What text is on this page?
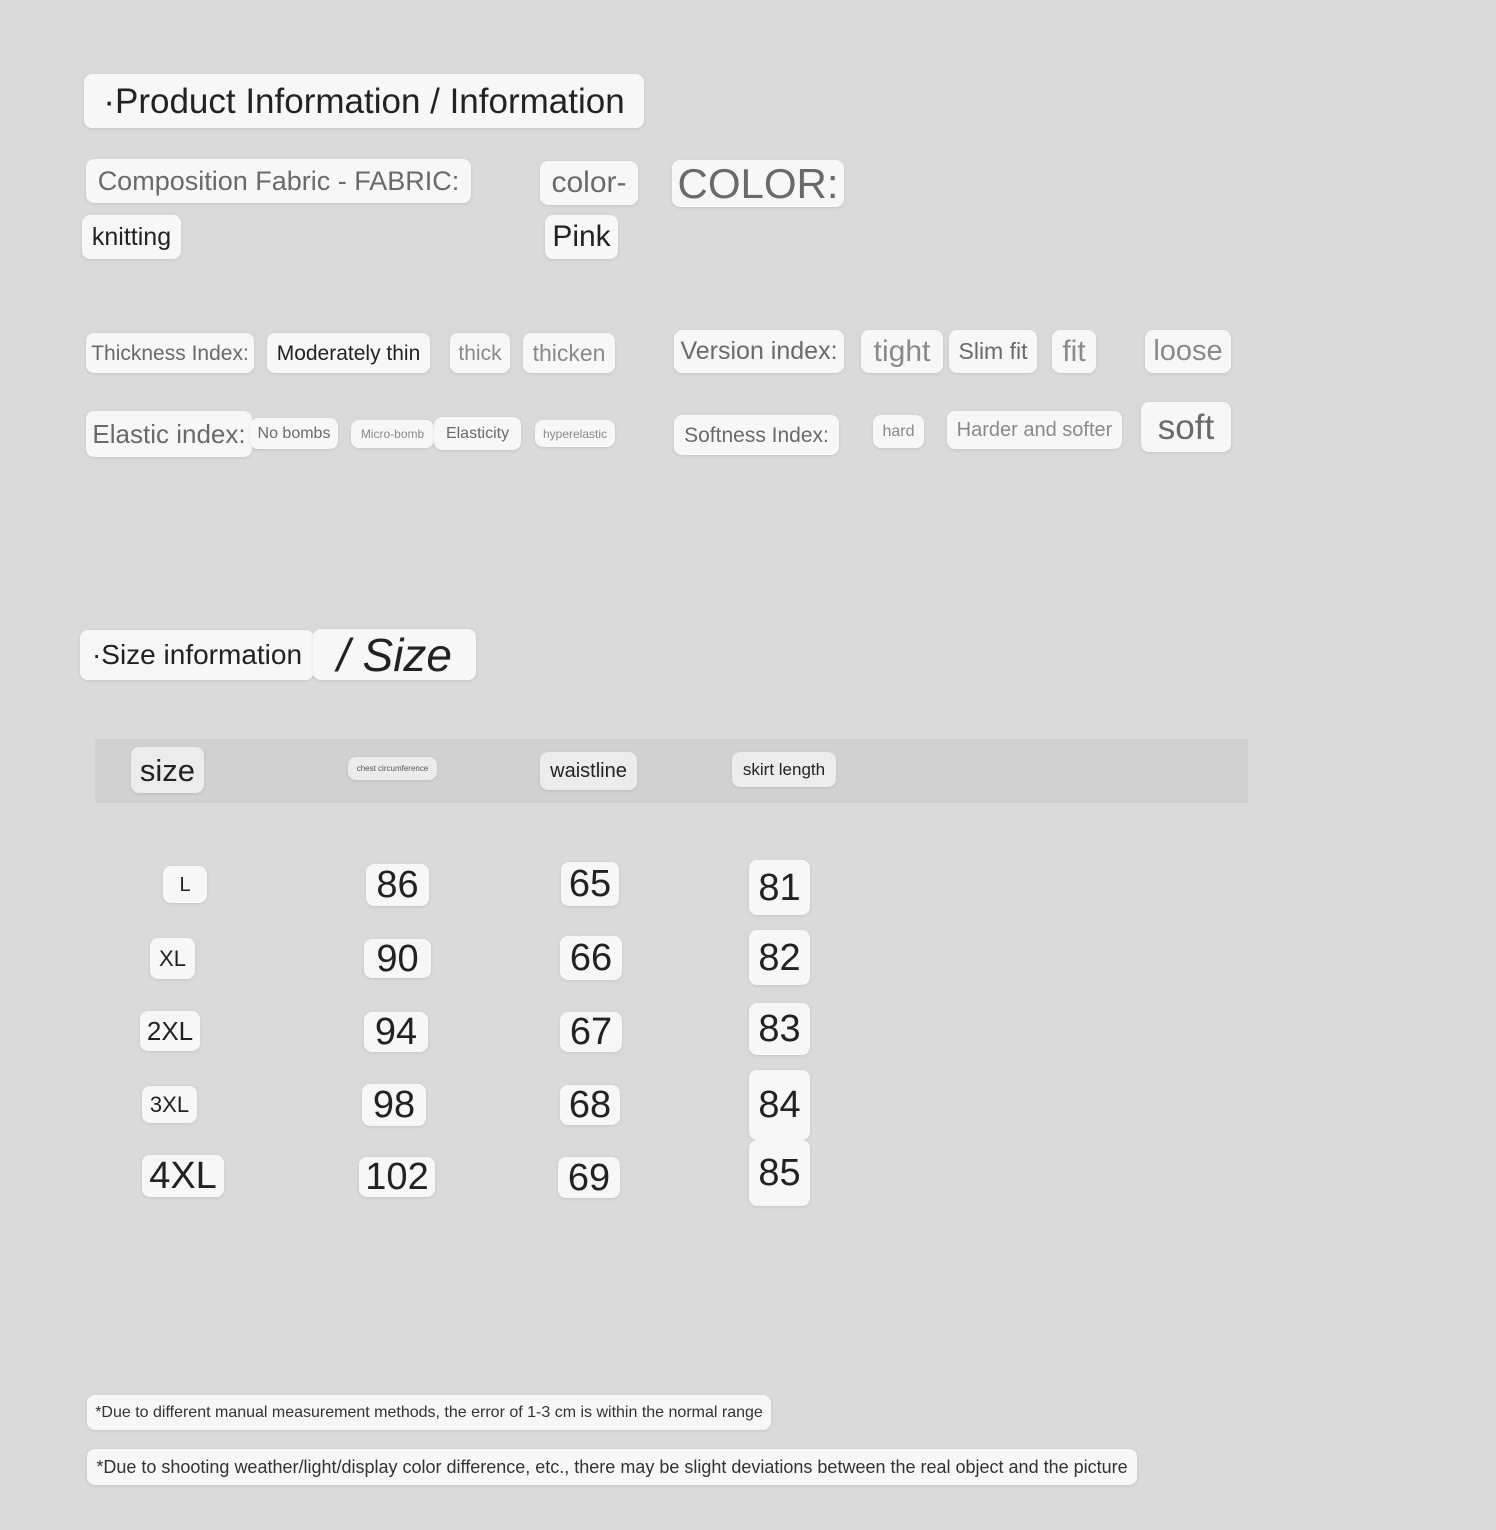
·Product Information / Information
Composition Fabric - FABRIC:
knitting
color- COLOR:
Pink
Thickness Index:	Moderately thin	thick	thicken	Version index:	tight	Slim fit	fit	loose
Elastic index: No bombs	Micro-bomb	Elasticity	hyperelastic	Softness Index:	hard	Harder and softer	soft
·Size information / Size
size	chest circumference	waistline	skirt length
L	86	65	81
XL	90	66	82
2XL	94	67	83
3XL	98	68	84
4XL	102	69	85
*Due to different manual measurement methods, the error of 1-3 cm is within the normal range
*Due to shooting weather/light/display color difference, etc., there may be slight deviations between the real object and the picture
